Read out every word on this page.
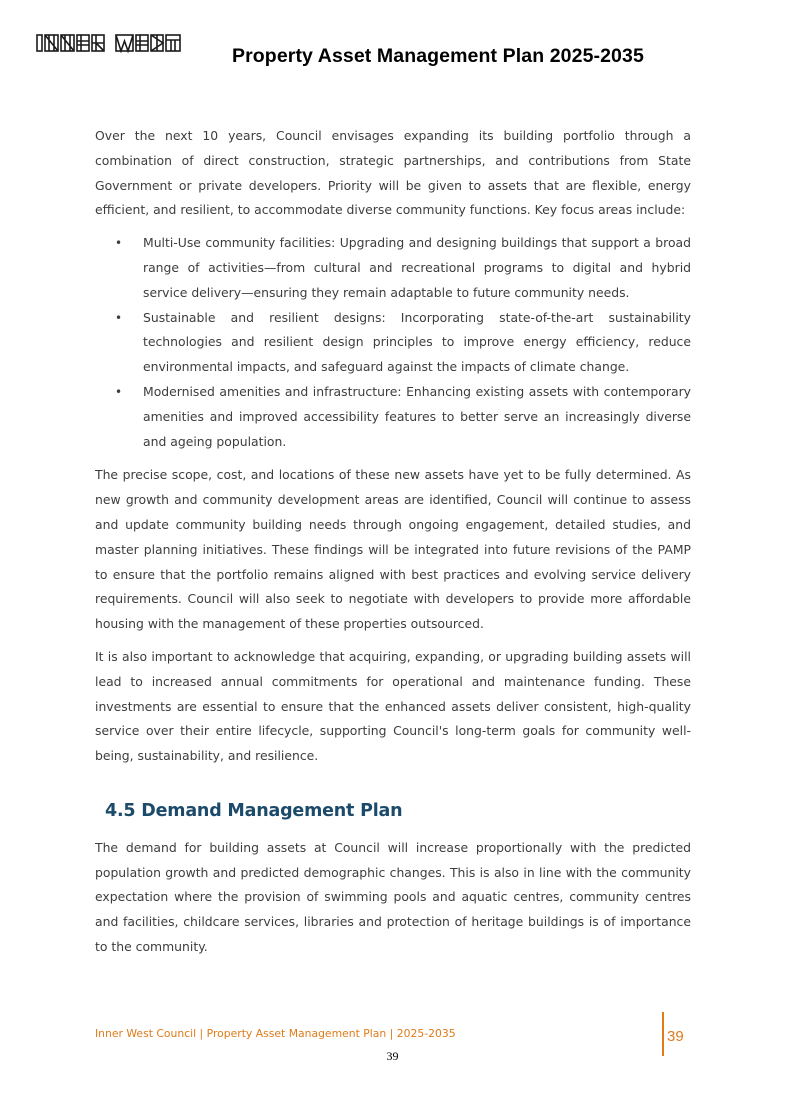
Property Asset Management Plan 2025-2035

Over the next 10 years, Council envisages expanding its building portfolio through a combination of direct construction, strategic partnerships, and contributions from State Government or private developers. Priority will be given to assets that are flexible, energy efficient, and resilient, to accommodate diverse community functions. Key focus areas include:

• Multi-Use community facilities: Upgrading and designing buildings that support a broad range of activities—from cultural and recreational programs to digital and hybrid service delivery—ensuring they remain adaptable to future community needs.
• Sustainable and resilient designs: Incorporating state-of-the-art sustainability technologies and resilient design principles to improve energy efficiency, reduce environmental impacts, and safeguard against the impacts of climate change.
• Modernised amenities and infrastructure: Enhancing existing assets with contemporary amenities and improved accessibility features to better serve an increasingly diverse and ageing population.

The precise scope, cost, and locations of these new assets have yet to be fully determined. As new growth and community development areas are identified, Council will continue to assess and update community building needs through ongoing engagement, detailed studies, and master planning initiatives. These findings will be integrated into future revisions of the PAMP to ensure that the portfolio remains aligned with best practices and evolving service delivery requirements. Council will also seek to negotiate with developers to provide more affordable housing with the management of these properties outsourced.

It is also important to acknowledge that acquiring, expanding, or upgrading building assets will lead to increased annual commitments for operational and maintenance funding. These investments are essential to ensure that the enhanced assets deliver consistent, high-quality service over their entire lifecycle, supporting Council's long-term goals for community well-being, sustainability, and resilience.

4.5 Demand Management Plan

The demand for building assets at Council will increase proportionally with the predicted population growth and predicted demographic changes. This is also in line with the community expectation where the provision of swimming pools and aquatic centres, community centres and facilities, childcare services, libraries and protection of heritage buildings is of importance to the community.

Inner West Council | Property Asset Management Plan | 2025-2035	39
39
